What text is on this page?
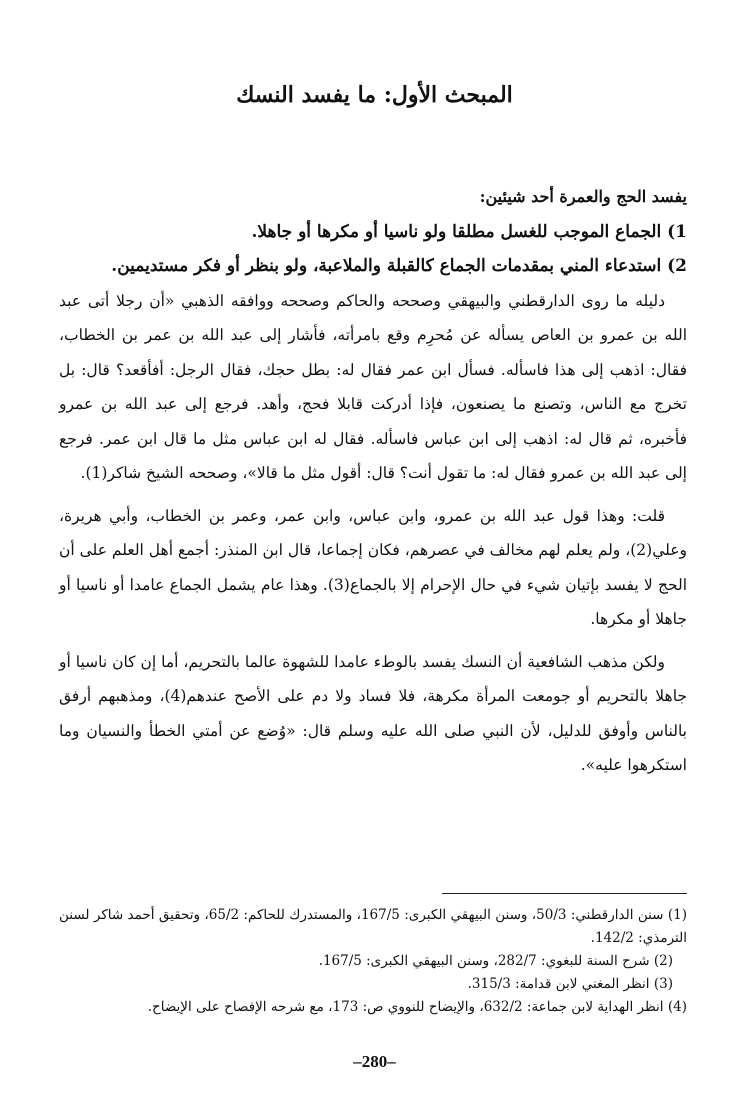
المبحث الأول: ما يفسد النسك

يفسد الحج والعمرة أحد شيئين:

1) الجماع الموجب للغسل مطلقا ولو ناسيا أو مكرها أو جاهلا.

2) استدعاء المني بمقدمات الجماع كالقبلة والملاعبة، ولو بنظر أو فكر مستديمين.

دليله ما روى الدارقطني والبيهقي وصححه والحاكم وصححه ووافقه الذهبي «أن رجلا أتى عبد الله بن عمرو بن العاص يسأله عن مُحرِم وقع بامرأته، فأشار إلى عبد الله بن عمر بن الخطاب، فقال: اذهب إلى هذا فاسأله. فسأل ابن عمر فقال له: بطل حجك، فقال الرجل: أفأقعد؟ قال: بل تخرج مع الناس، وتصنع ما يصنعون، فإذا أدركت قابلا فحج، وأهد. فرجع إلى عبد الله بن عمرو فأخبره، ثم قال له: اذهب إلى ابن عباس فاسأله. فقال له ابن عباس مثل ما قال ابن عمر. فرجع إلى عبد الله بن عمرو فقال له: ما تقول أنت؟ قال: أقول مثل ما قالا»، وصححه الشيخ شاكر(1).

قلت: وهذا قول عبد الله بن عمرو، وابن عباس، وابن عمر، وعمر بن الخطاب، وأبي هريرة، وعلي(2)، ولم يعلم لهم مخالف في عصرهم، فكان إجماعا، قال ابن المنذر: أجمع أهل العلم على أن الحج لا يفسد بإتيان شيء في حال الإحرام إلا بالجماع(3). وهذا عام يشمل الجماع عامدا أو ناسيا أو جاهلا أو مكرها.

ولكن مذهب الشافعية أن النسك يفسد بالوطء عامدا للشهوة عالما بالتحريم، أما إن كان ناسيا أو جاهلا بالتحريم أو جومعت المرأة مكرهة، فلا فساد ولا دم على الأصح عندهم(4)، ومذهبهم أرفق بالناس وأوفق للدليل، لأن النبي صلى الله عليه وسلم قال: «وُضع عن أمتي الخطأ والنسيان وما استكرهوا عليه».

(1) سنن الدارقطني: 50/3، وسنن البيهقي الكبرى: 167/5، والمستدرك للحاكم: 65/2، وتحقيق أحمد شاكر لسنن الترمذي: 142/2.

(2) شرح السنة للبغوي: 282/7، وسنن البيهقي الكبرى: 167/5.

(3) انظر المغني لابن قدامة: 315/3.

(4) انظر الهداية لابن جماعة: 632/2، والإيضاح للنووي ص: 173، مع شرحه الإفصاح على الإيضاح.

–280–
